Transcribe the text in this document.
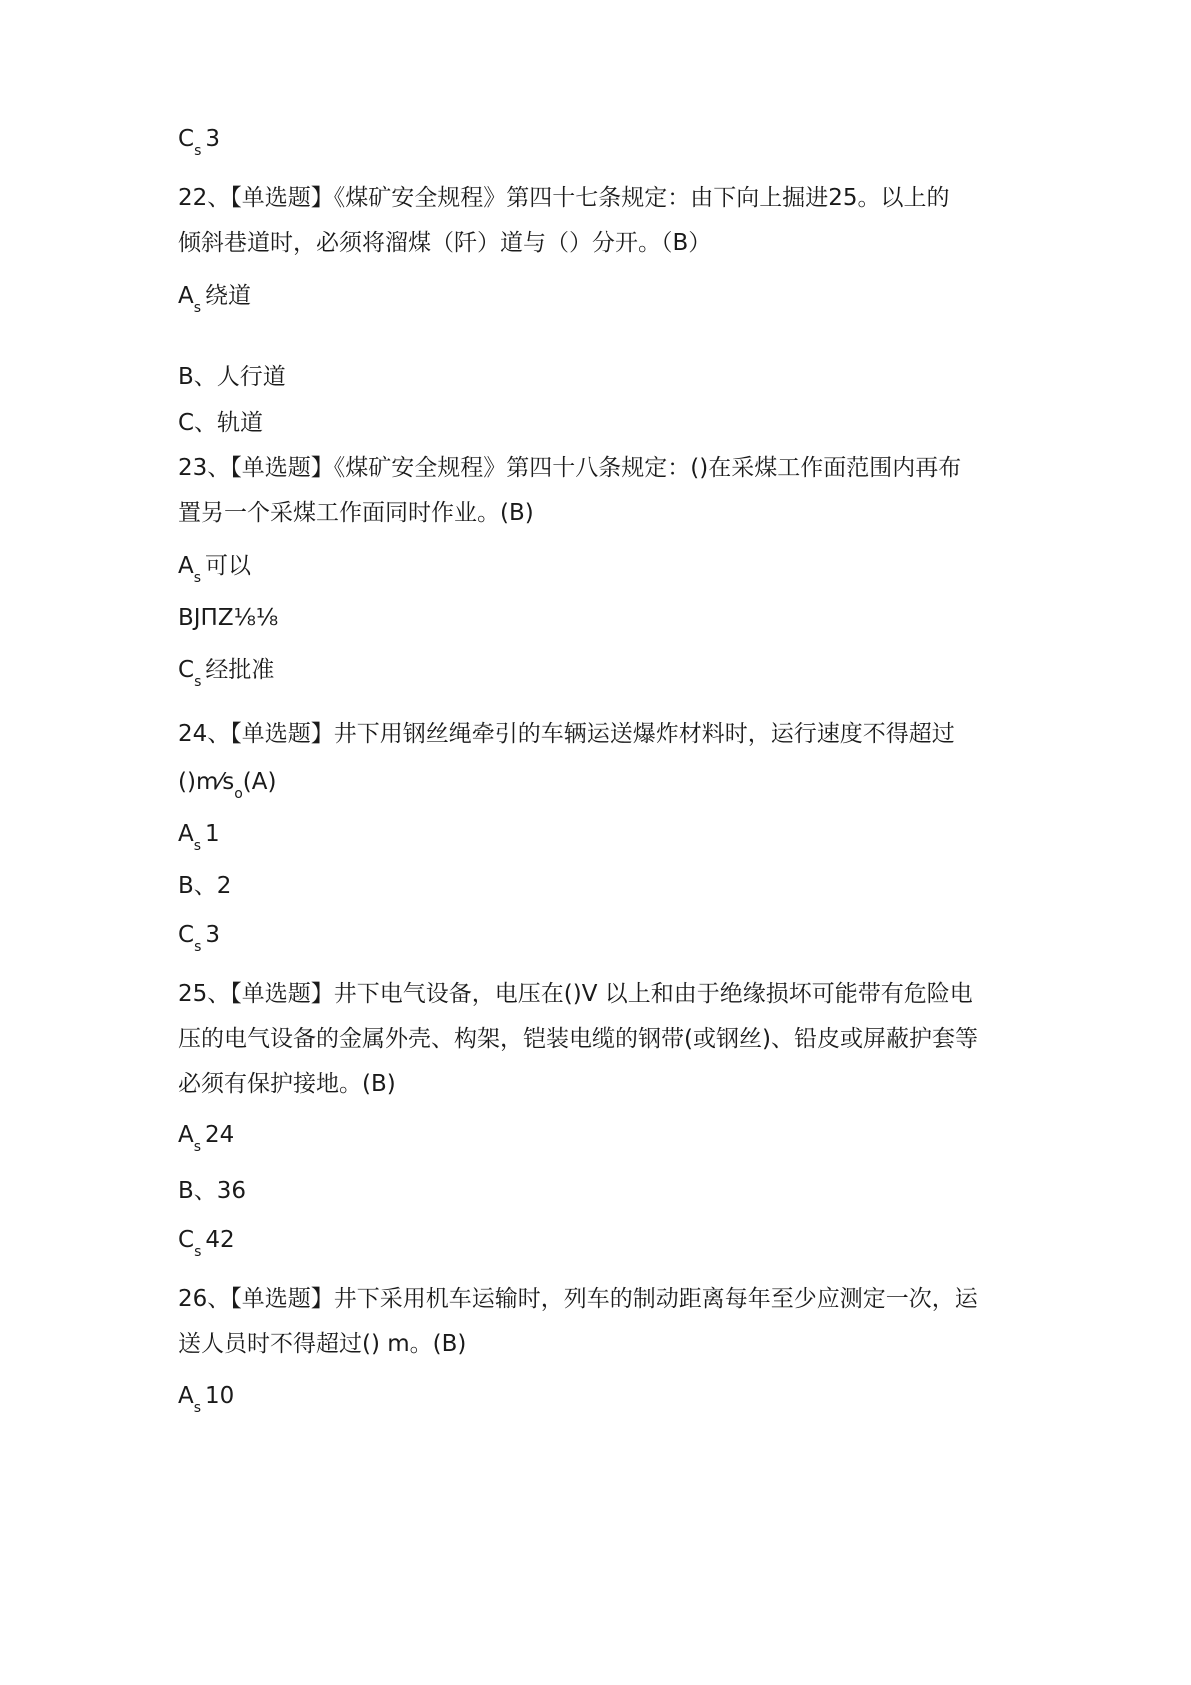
$C_s$ 3
22、【单选题】《煤矿安全规程》第四十七条规定：由下向上掘进25。以上的
倾斜巷道时，必须将溜煤（阡）道与（）分开。（B）
$A_s$ 绕道
B、人行道
C、轨道
23、【单选题】《煤矿安全规程》第四十八条规定：()在采煤工作面范围内再布
置另一个采煤工作面同时作业。(B)
$A_s$ 可以
BJΠZ⅛⅛
$C_s$ 经批准
24、【单选题】井下用钢丝绳牵引的车辆运送爆炸材料时，运行速度不得超过
$()m⁄s_o(A)$
$A_s$ 1
B、2
$C_s$ 3
25、【单选题】井下电气设备，电压在()V 以上和由于绝缘损坏可能带有危险电
压的电气设备的金属外壳、构架，铠装电缆的钢带(或钢丝)、铅皮或屏蔽护套等
必须有保护接地。(B)
$A_s$ 24
B、36
$C_s$ 42
26、【单选题】井下采用机车运输时，列车的制动距离每年至少应测定一次，运
送人员时不得超过() m。(B)
$A_s$ 10
